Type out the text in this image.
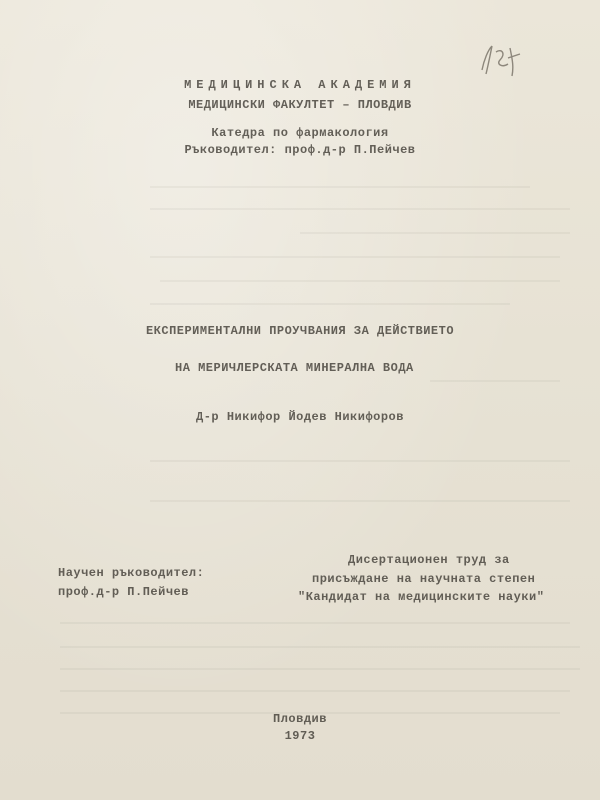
МЕДИЦИНСКА АКАДЕМИЯ
МЕДИЦИНСКИ ФАКУЛТЕТ – ПЛОВДИВ
Катедра по фармакология
Ръководител: проф.д-р П.Пейчев
ЕКСПЕРИМЕНТАЛНИ ПРОУЧВАНИЯ ЗА ДЕЙСТВИЕТО
НА МЕРИЧЛЕРСКАТА МИНЕРАЛНА ВОДА
Д-р Никифор Йодев Никифоров
Научен ръководител:
проф.д-р П.Пейчев
Дисертационен труд за
присъждане на научната степен
"Кандидат на медицинските науки"
Пловдив
1973
